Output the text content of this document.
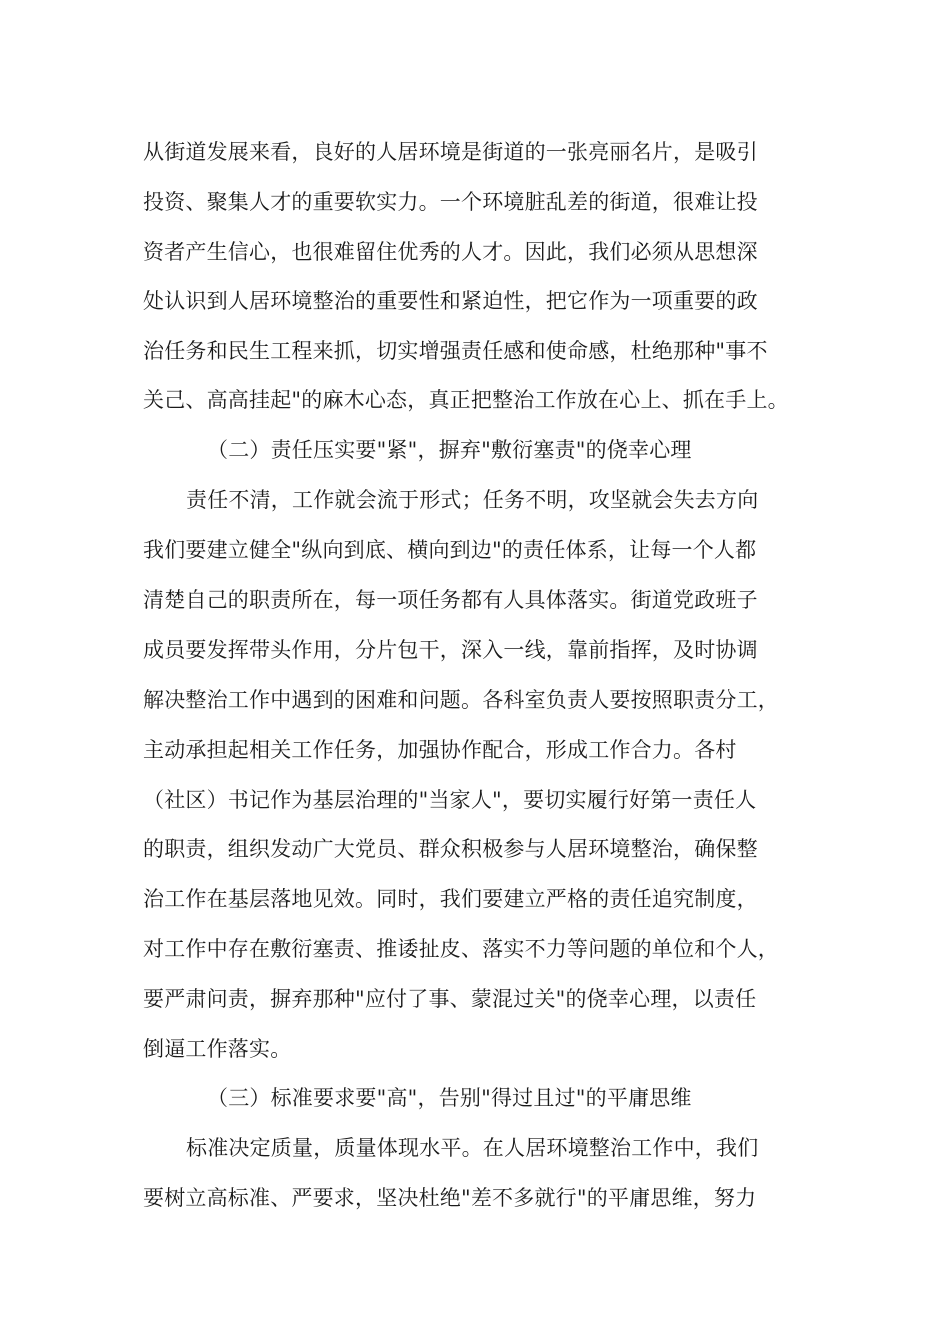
从街道发展来看，良好的人居环境是街道的一张亮丽名片，是吸引
投资、聚集人才的重要软实力。一个环境脏乱差的街道，很难让投
资者产生信心，也很难留住优秀的人才。因此，我们必须从思想深
处认识到人居环境整治的重要性和紧迫性，把它作为一项重要的政
治任务和民生工程来抓，切实增强责任感和使命感，杜绝那种"事不
关己、高高挂起"的麻木心态，真正把整治工作放在心上、抓在手上。
（二）责任压实要"紧"，摒弃"敷衍塞责"的侥幸心理
责任不清，工作就会流于形式；任务不明，攻坚就会失去方向
我们要建立健全"纵向到底、横向到边"的责任体系，让每一个人都
清楚自己的职责所在，每一项任务都有人具体落实。街道党政班子
成员要发挥带头作用，分片包干，深入一线，靠前指挥，及时协调
解决整治工作中遇到的困难和问题。各科室负责人要按照职责分工，
主动承担起相关工作任务，加强协作配合，形成工作合力。各村
（社区）书记作为基层治理的"当家人"，要切实履行好第一责任人
的职责，组织发动广大党员、群众积极参与人居环境整治，确保整
治工作在基层落地见效。同时，我们要建立严格的责任追究制度，
对工作中存在敷衍塞责、推诿扯皮、落实不力等问题的单位和个人，
要严肃问责，摒弃那种"应付了事、蒙混过关"的侥幸心理，以责任
倒逼工作落实。
（三）标准要求要"高"，告别"得过且过"的平庸思维
标准决定质量，质量体现水平。在人居环境整治工作中，我们
要树立高标准、严要求，坚决杜绝"差不多就行"的平庸思维，努力
